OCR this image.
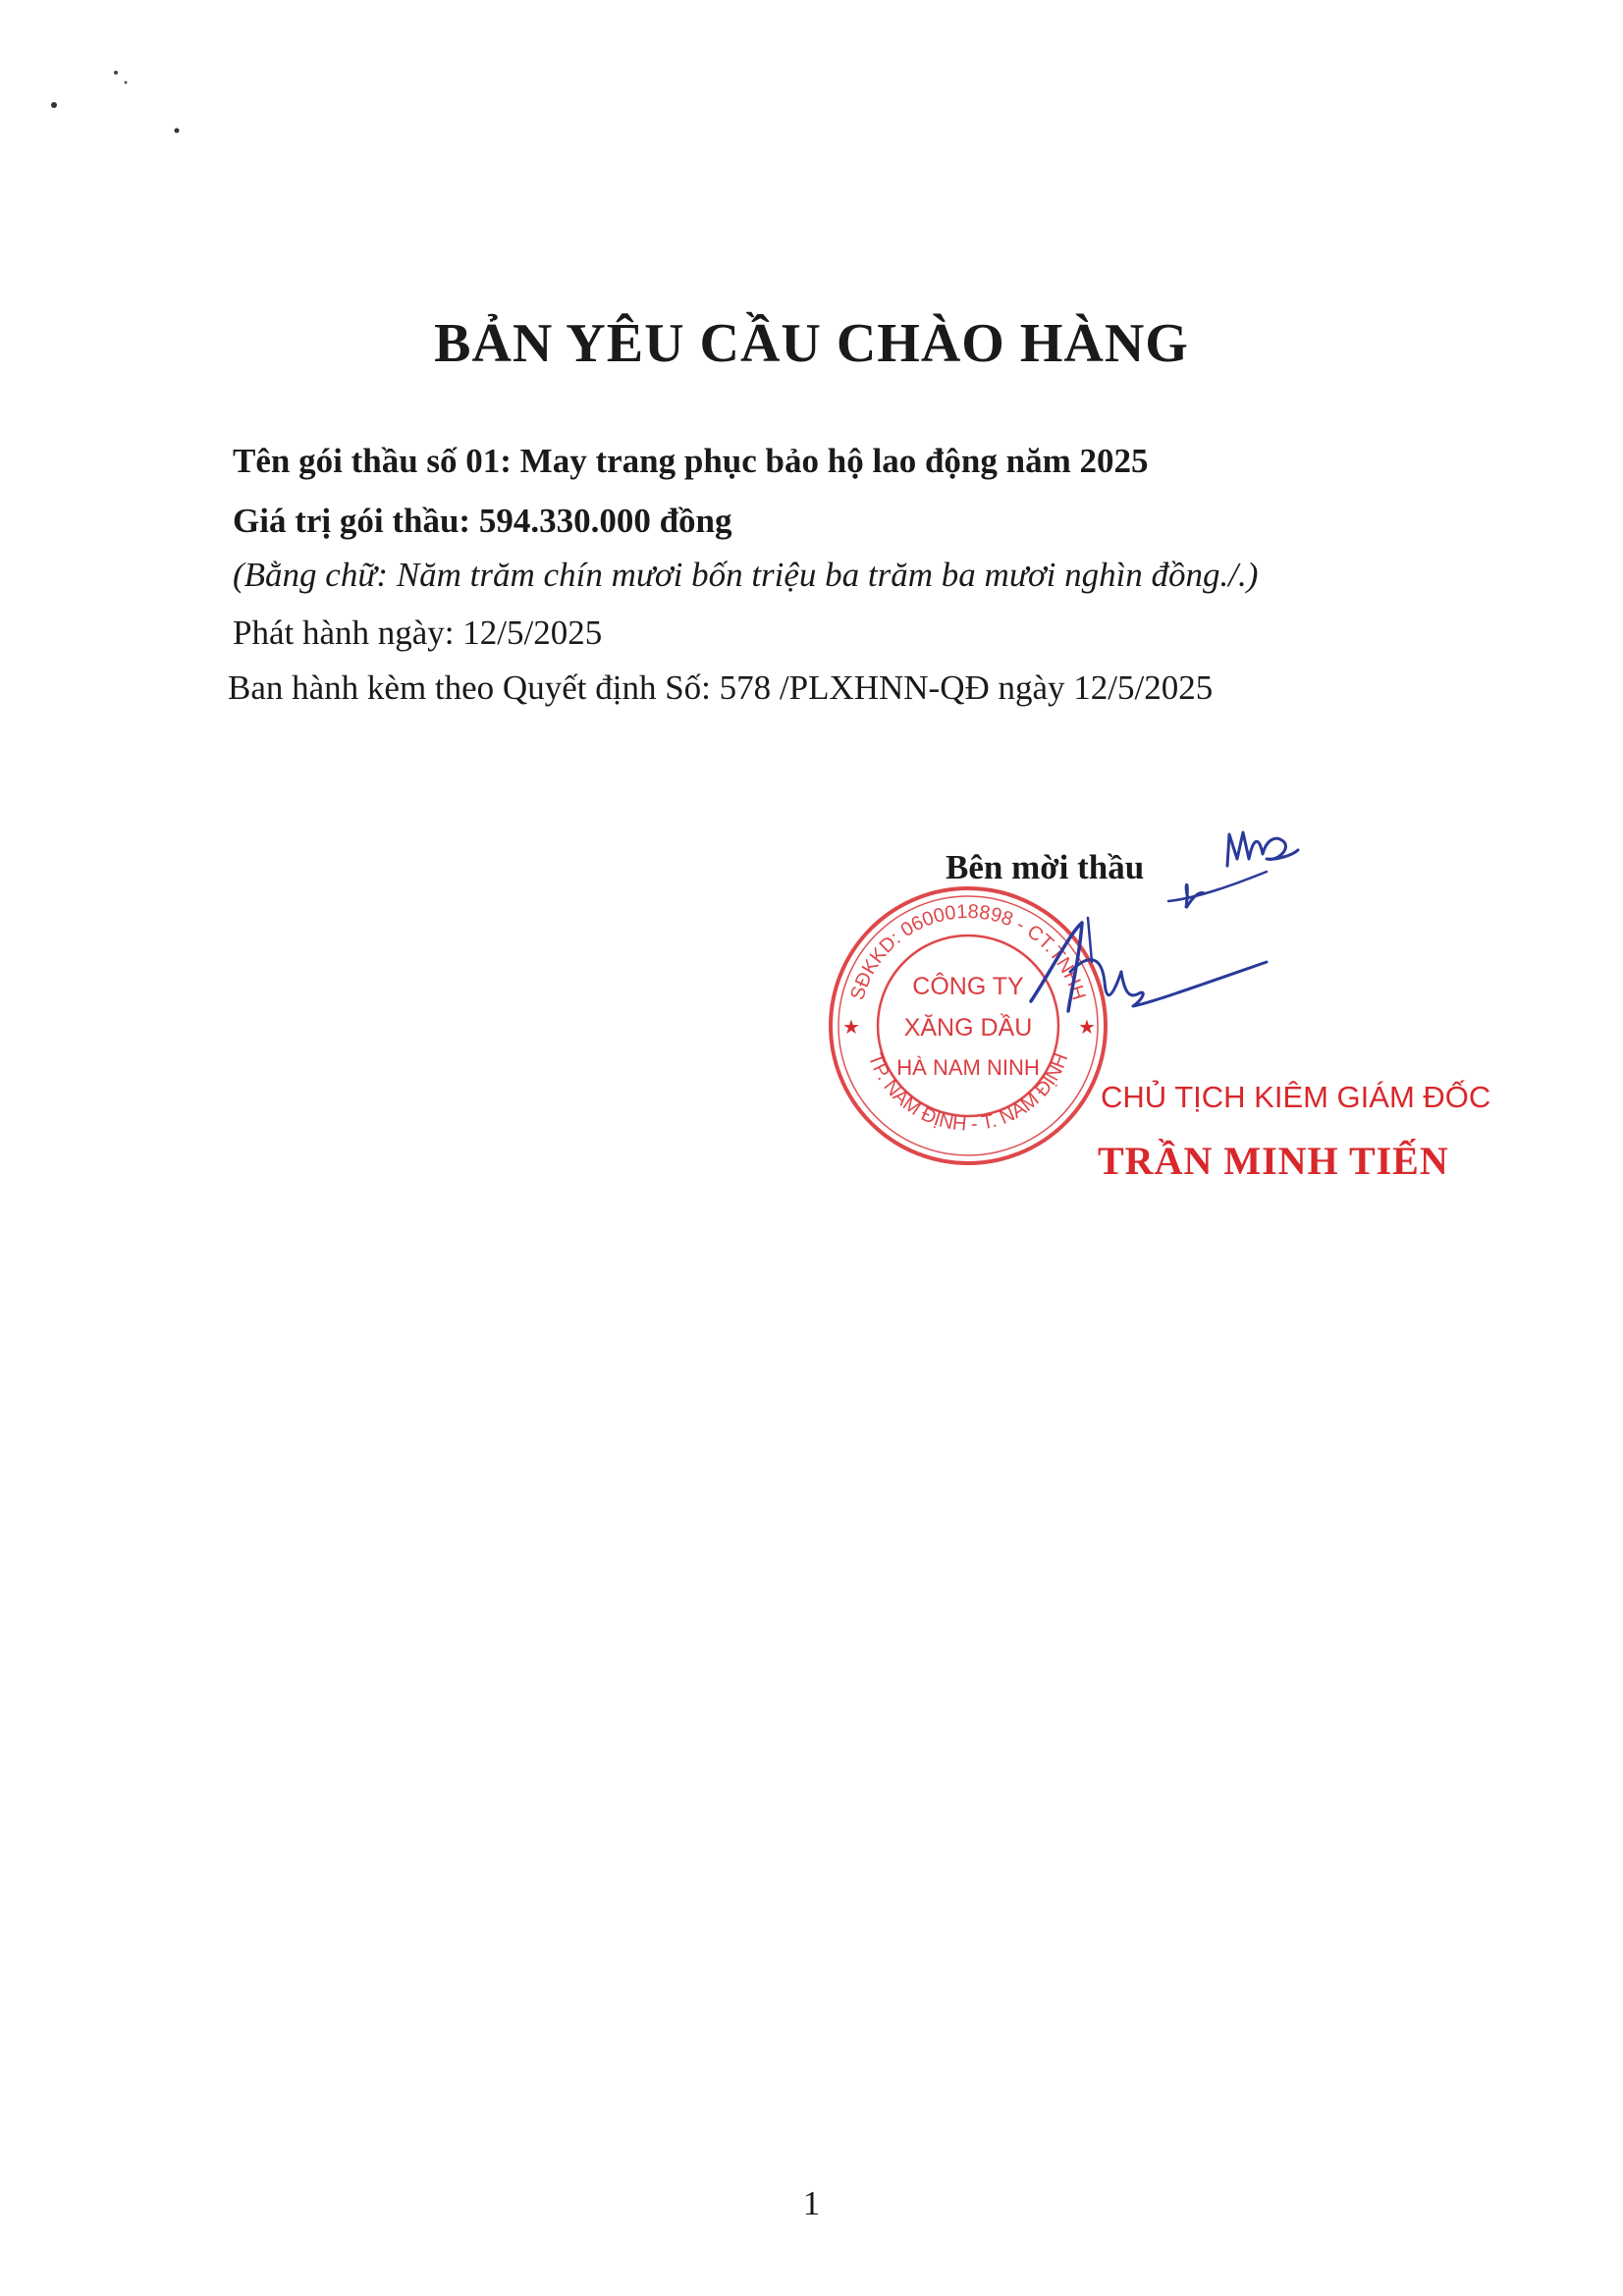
BẢN YÊU CẦU CHÀO HÀNG
Tên gói thầu số 01: May trang phục bảo hộ lao động năm 2025
Giá trị gói thầu: 594.330.000 đồng
(Bằng chữ: Năm trăm chín mươi bốn triệu ba trăm ba mươi nghìn đồng./.)
Phát hành ngày: 12/5/2025
Ban hành kèm theo Quyết định Số: 578 /PLXHNN-QĐ ngày 12/5/2025
Bên mời thầu
SĐKKD: 0600018898 - CT.TNHH
TP. NAM ĐỊNH - T. NAM ĐỊNH
★	★
CÔNG TY
XĂNG DẦU
HÀ NAM NINH
CHỦ TỊCH KIÊM GIÁM ĐỐC
TRẦN MINH TIẾN
1
